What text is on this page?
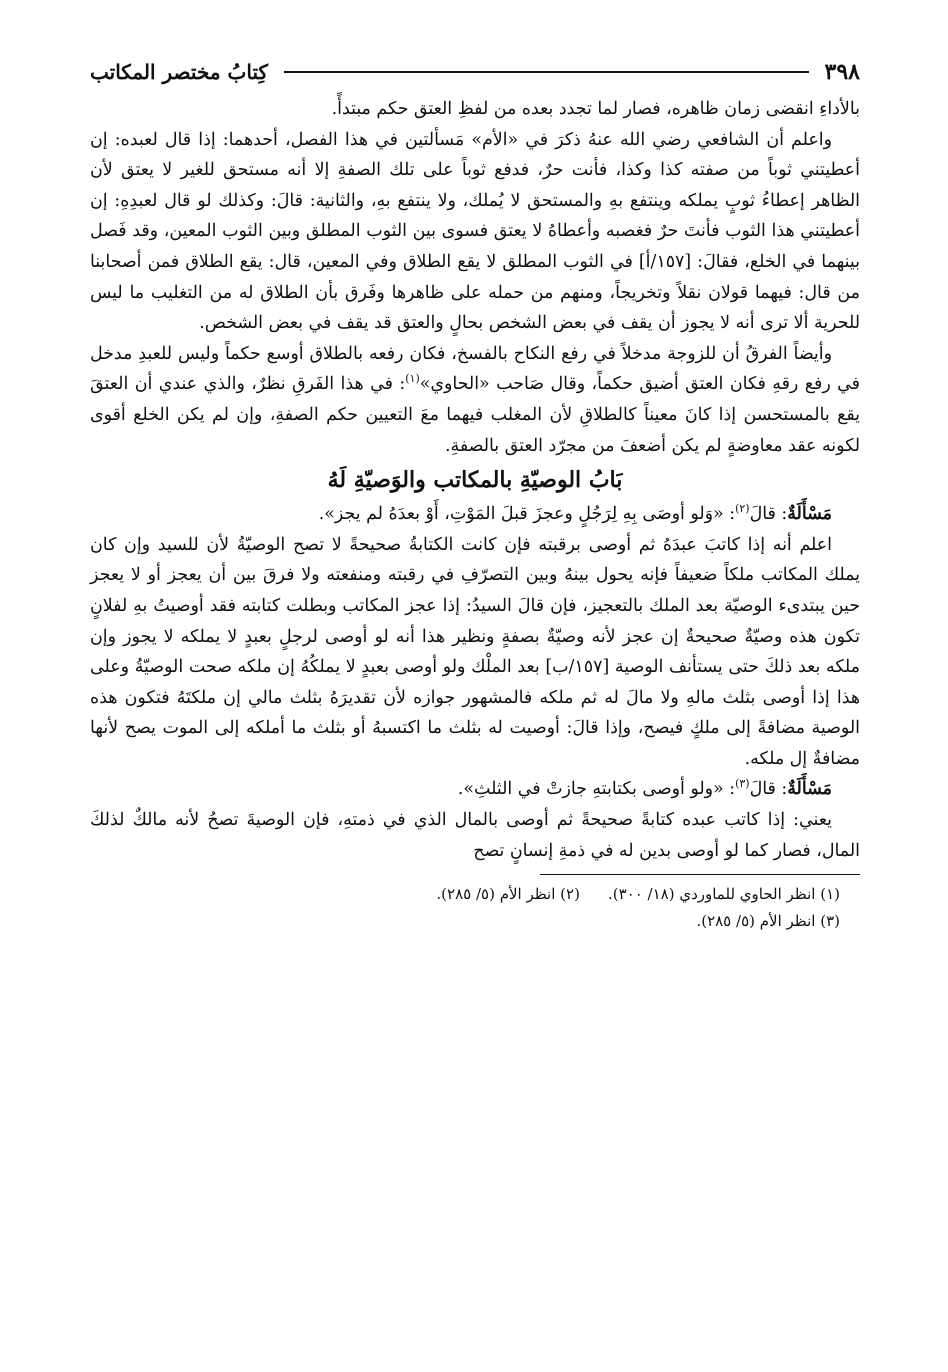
٣٩٨
كِتابُ مختصر المكاتب

بالأداءِ انقضى زمان ظاهره، فصار لما تجدد بعده من لفظِ العتق حكم مبتدأً.

واعلم أن الشافعي رضي الله عنهُ ذكرَ في «الأم» مَسألتين في هذا الفصل، أحدهما: إذا قال لعبده: إن أعطيتني ثوباً من صفته كذا وكذا، فأنت حرٌ، فدفع ثوباً على تلك الصفةِ إلا أنه مستحق للغير لا يعتق لأن الظاهر إعطاءُ ثوبٍ يملكه وينتفع بهِ والمستحق لا يُملك، ولا ينتفع بهِ، والثانية: قالَ: وكذلك لو قال لعبدِهِ: إن أعطيتني هذا الثوب فأنتَ حرٌ فغصبه وأعطاهُ لا يعتق فسوى بين الثوب المطلق وبين الثوب المعين، وقد فَصل بينهما في الخلع، فقالَ: [١٥٧/أ] في الثوب المطلق لا يقع الطلاق وفي المعين، قال: يقع الطلاق فمن أصحابنا من قال: فيهما قولان نقلاً وتخريجاً، ومنهم من حمله على ظاهرها وفَرق بأن الطلاق له من التغليب ما ليس للحرية ألا ترى أنه لا يجوز أن يقف في بعض الشخص بحالٍ والعتق قد يقف في بعض الشخص.

وأيضاً الفرقُ أن للزوجة مدخلاً في رفع النكاح بالفسخ، فكان رفعه بالطلاق أوسع حكماً وليس للعبدِ مدخل في رفع رقهِ فكان العتق أضيق حكماً، وقال صَاحب «الحاوي»$^{(١)}$: في هذا الفَرقِ نظرٌ، والذي عندي أن العتقَ يقع بالمستحسن إذا كانَ معيناً كالطلاقِ لأن المغلب فيهما معَ التعيين حكم الصفةِ، وإن لم يكن الخلع أقوى لكونه عقد معاوضةٍ لم يكن أضعفَ من مجرّد العتق بالصفةِ.

بَابُ الوصيّةِ بالمكاتب والوَصيّةِ لَهُ

مَسْأَلَةٌ: قالَ$^{(٢)}$: «وَلو أوصَى بِهِ لِرَجُلٍ وعجزَ قبلَ المَوْتِ، أَوْ بعدَهُ لم يجز».

اعلم أنه إذا كاتبَ عبدَهُ ثم أوصى برقبته فإن كانت الكتابةُ صحيحةً لا تصح الوصيّةُ لأن للسيد وإن كان يملك المكاتب ملكاً ضعيفاً فإنه يحول بينهُ وبين التصرّفِ في رقبته ومنفعته ولا فرقَ بين أن يعجز أو لا يعجز حين يبتدىء الوصيّة بعد الملك بالتعجيز، فإن قالَ السيدُ: إذا عجز المكاتب وبطلت كتابته فقد أوصيتُ بهِ لفلانٍ تكون هذه وصيّةٌ صحيحةٌ إن عجز لأنه وصيّةٌ بصفةٍ ونظير هذا أنه لو أوصى لرجلٍ بعبدٍ لا يملكه لا يجوز وإن ملكه بعد ذلكَ حتى يستأنف الوصية [١٥٧/ب] بعد الملْك ولو أوصى بعبدٍ لا يملكُهُ إن ملكه صحت الوصيّةُ وعلى هذا إذا أوصى بثلث مالهِ ولا مالَ له ثم ملكه فالمشهور جوازه لأن تقديرَهُ بثلث مالي إن ملكتَهُ فتكون هذه الوصية مضافةً إلى ملكٍ فيصح، وإذا قالَ: أوصيت له بثلث ما اكتسبهُ أو بثلث ما أملكه إلى الموت يصح لأنها مضافةٌ إل ملكه.

مَسْأَلَةٌ: قالَ$^{(٣)}$: «ولو أوصى بكتابتهِ جازتْ في الثلثِ».

يعني: إذا كاتب عبده كتابةً صحيحةً ثم أوصى بالمال الذي في ذمتهِ، فإن الوصيةَ تصحُ لأنه مالكٌ لذلكَ المال، فصار كما لو أوصى بدين له في ذمةِ إنسانٍ تصح

(١) انظر الحاوي للماوردي (١٨/ ٣٠٠).
(٢) انظر الأم (٥/ ٢٨٥).
(٣) انظر الأم (٥/ ٢٨٥).
